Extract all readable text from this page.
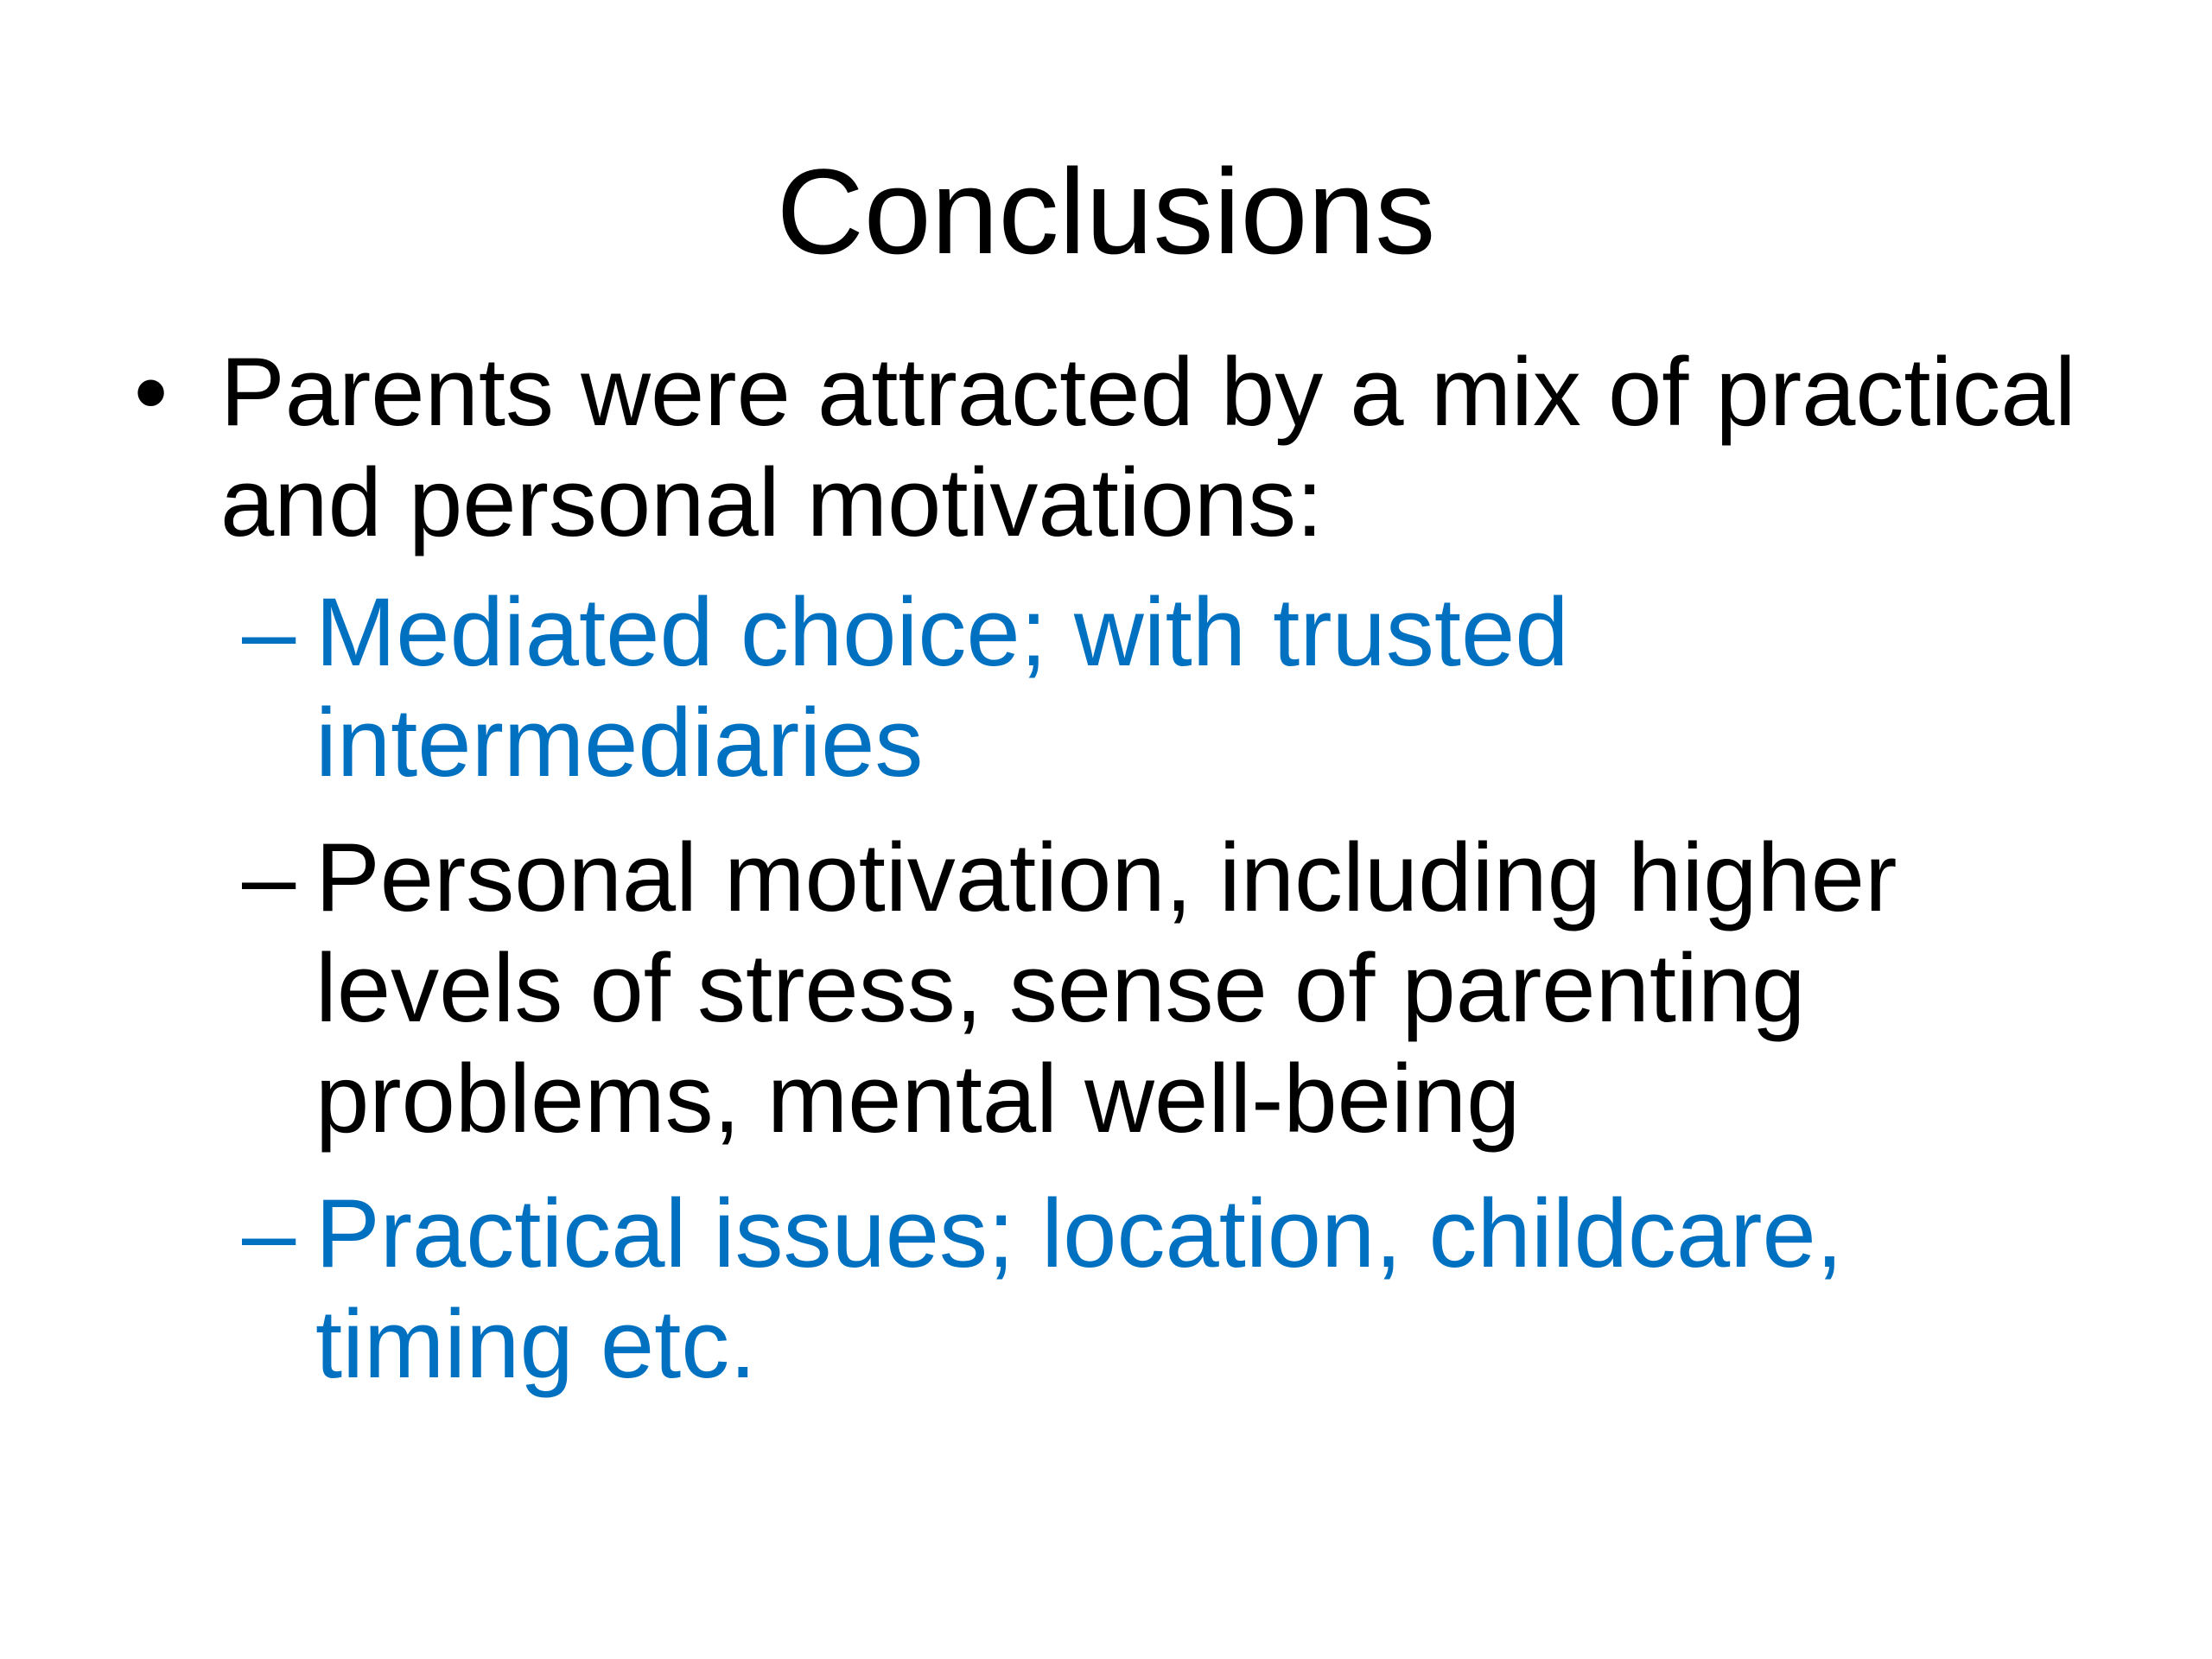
Conclusions
• Parents were attracted by a mix of practical and personal motivations:
– Mediated choice; with trusted intermediaries
– Personal motivation, including higher levels of stress, sense of parenting problems, mental well-being
– Practical issues; location, childcare, timing etc.
